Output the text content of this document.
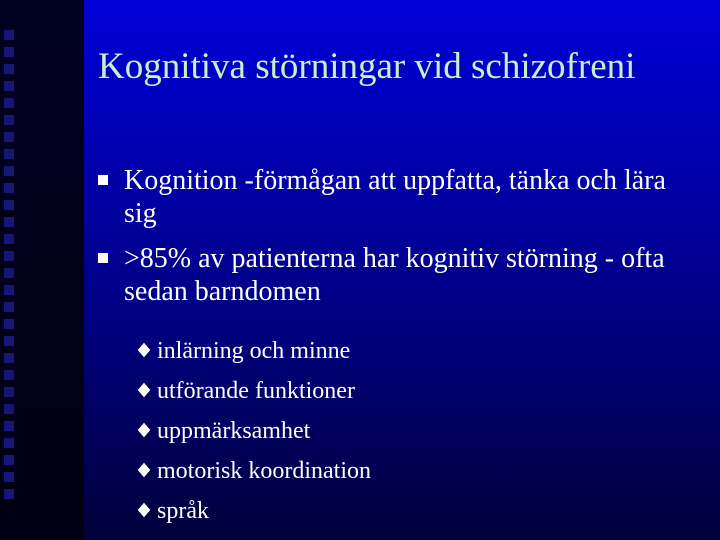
Kognitiva störningar vid schizofreni
Kognition -förmågan att uppfatta, tänka och lära sig
>85% av patienterna har kognitiv störning - ofta sedan barndomen
inlärning och minne
utförande funktioner
uppmärksamhet
motorisk koordination
språk
